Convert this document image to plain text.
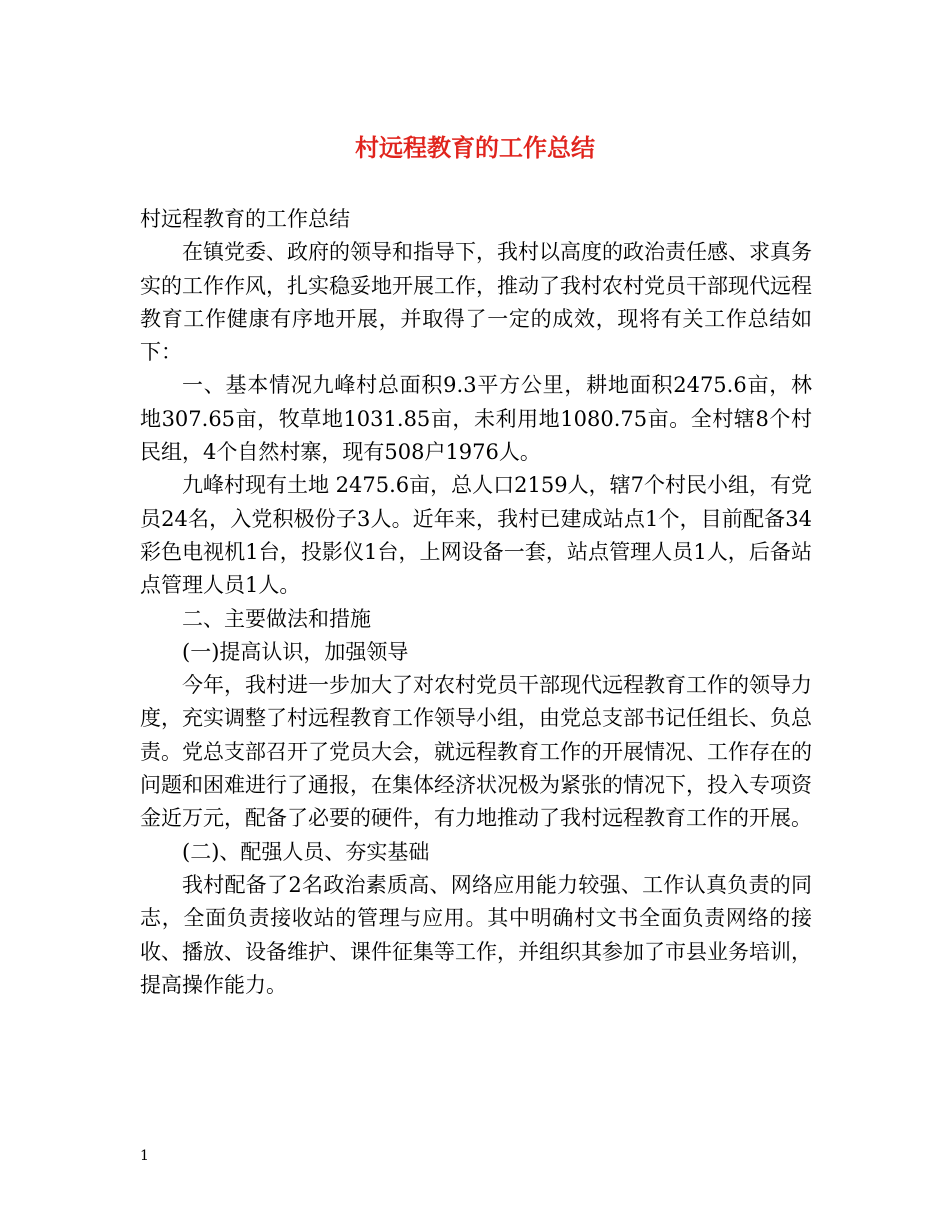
村远程教育的工作总结

村远程教育的工作总结

在镇党委、政府的领导和指导下，我村以高度的政治责任感、求真务实的工作作风，扎实稳妥地开展工作，推动了我村农村党员干部现代远程教育工作健康有序地开展，并取得了一定的成效，现将有关工作总结如下：

一、基本情况九峰村总面积9.3平方公里，耕地面积2475.6亩，林地307.65亩，牧草地1031.85亩，未利用地1080.75亩。全村辖8个村民组，4个自然村寨，现有508户1976人。

九峰村现有土地 2475.6亩，总人口2159人，辖7个村民小组，有党员24名，入党积极份子3人。近年来，我村已建成站点1个，目前配备34彩色电视机1台，投影仪1台，上网设备一套，站点管理人员1人，后备站点管理人员1人。

二、主要做法和措施

(一)提高认识，加强领导

今年，我村进一步加大了对农村党员干部现代远程教育工作的领导力度，充实调整了村远程教育工作领导小组，由党总支部书记任组长、负总责。党总支部召开了党员大会，就远程教育工作的开展情况、工作存在的问题和困难进行了通报，在集体经济状况极为紧张的情况下，投入专项资金近万元，配备了必要的硬件，有力地推动了我村远程教育工作的开展。

(二)、配强人员、夯实基础

我村配备了2名政治素质高、网络应用能力较强、工作认真负责的同志，全面负责接收站的管理与应用。其中明确村文书全面负责网络的接收、播放、设备维护、课件征集等工作，并组织其参加了市县业务培训，提高操作能力。

1
